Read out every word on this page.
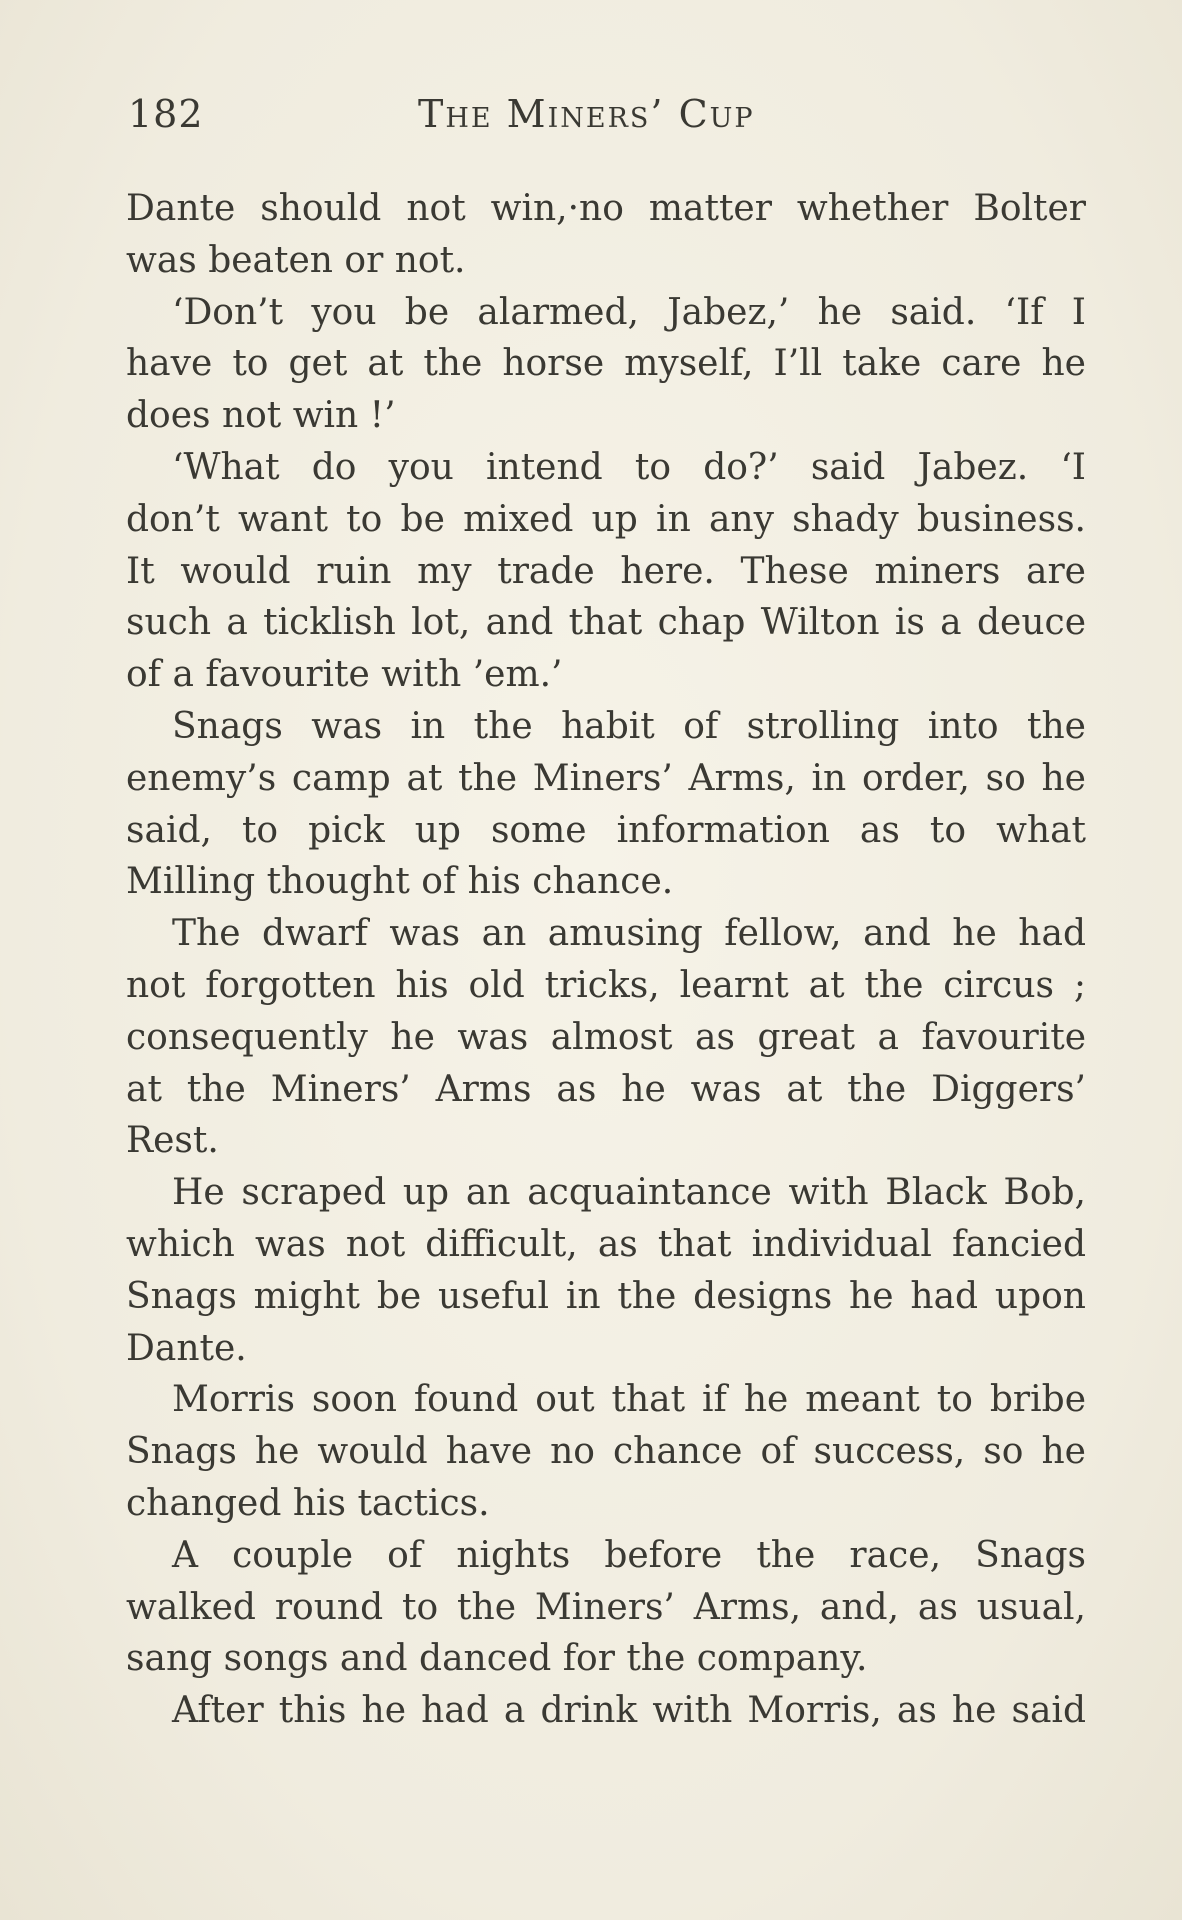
182	The Miners’ Cup
Dante should not win,·no matter whether Bolter
was beaten or not.
‘Don’t you be alarmed, Jabez,’ he said. ‘If I
have to get at the horse myself, I’ll take care he
does not win !’
‘What do you intend to do?’ said Jabez. ‘I
don’t want to be mixed up in any shady business.
It would ruin my trade here. These miners are
such a ticklish lot, and that chap Wilton is a deuce
of a favourite with ’em.’
Snags was in the habit of strolling into the
enemy’s camp at the Miners’ Arms, in order, so he
said, to pick up some information as to what
Milling thought of his chance.
The dwarf was an amusing fellow, and he had
not forgotten his old tricks, learnt at the circus ;
consequently he was almost as great a favourite
at the Miners’ Arms as he was at the Diggers’
Rest.
He scraped up an acquaintance with Black Bob,
which was not difficult, as that individual fancied
Snags might be useful in the designs he had upon
Dante.
Morris soon found out that if he meant to bribe
Snags he would have no chance of success, so he
changed his tactics.
A couple of nights before the race, Snags
walked round to the Miners’ Arms, and, as usual,
sang songs and danced for the company.
After this he had a drink with Morris, as he said
